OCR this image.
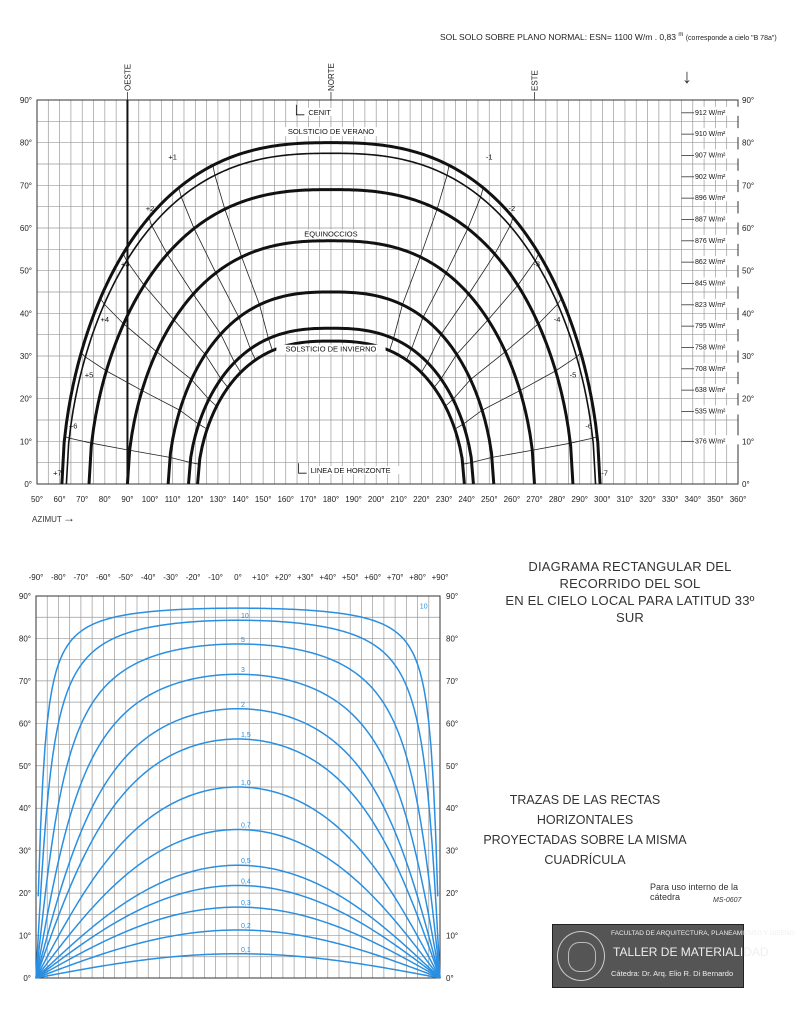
SOL SOLO SOBRE PLANO NORMAL: ESN= 1100 W/m . 0,83 $^m$ (corresponde a cielo "B 78a")
↓
50° 60° 70° 80° 90° 100° 110° 120° 130° 140° 150° 160° 170° 180° 190° 200° 210° 220° 230° 240° 250° 260° 270° 280° 290° 300° 310° 320° 330° 340° 350° 360°
0°	0°
10°	10°
20°	20°
30°	30°
40°	40°
50°	50°
60°	60°
70°	70°
80°	80°
90°	90°
AZIMUT →
OESTE	NORTE	ESTE
+1
+2
+3
+4
+5
+6
+7
-1
-2
-3
-4
-5
-6
-7
CENIT
SOLSTICIO DE VERANO
EQUINOCCIOS
SOLSTICIO DE INVIERNO
LINEA DE HORIZONTE
912 W/m²
910 W/m²
907 W/m²
902 W/m²
896 W/m²
887 W/m²
876 W/m²
862 W/m²
845 W/m²
823 W/m²
795 W/m²
758 W/m²
708 W/m²
638 W/m²
535 W/m²
376 W/m²
-90° -80° -70° -60° -50° -40° -30° -20° -10° 0° +10° +20° +30° +40° +50° +60° +70° +80° +90°
0°	0°
10°	10°
20°	20°
30°	30°
40°	40°
50°	50°
60°	60°
70°	70°
80°	80°
90°	90°
0,1
0,2
0,3
0,4
0,5
0,7
1,0
1,5
2
3
5
10
10
DIAGRAMA RECTANGULAR DEL RECORRIDO DEL SOL
EN EL CIELO LOCAL PARA LATITUD 33º SUR
TRAZAS DE LAS RECTAS HORIZONTALES
PROYECTADAS SOBRE LA MISMA CUADRÍCULA
Para uso interno de la cátedra	MS-0607
FACULTAD DE ARQUITECTURA, PLANEAMIENTO Y DISEÑO
TALLER DE MATERIALIDAD
Cátedra: Dr. Arq. Elio R. Di Bernardo
